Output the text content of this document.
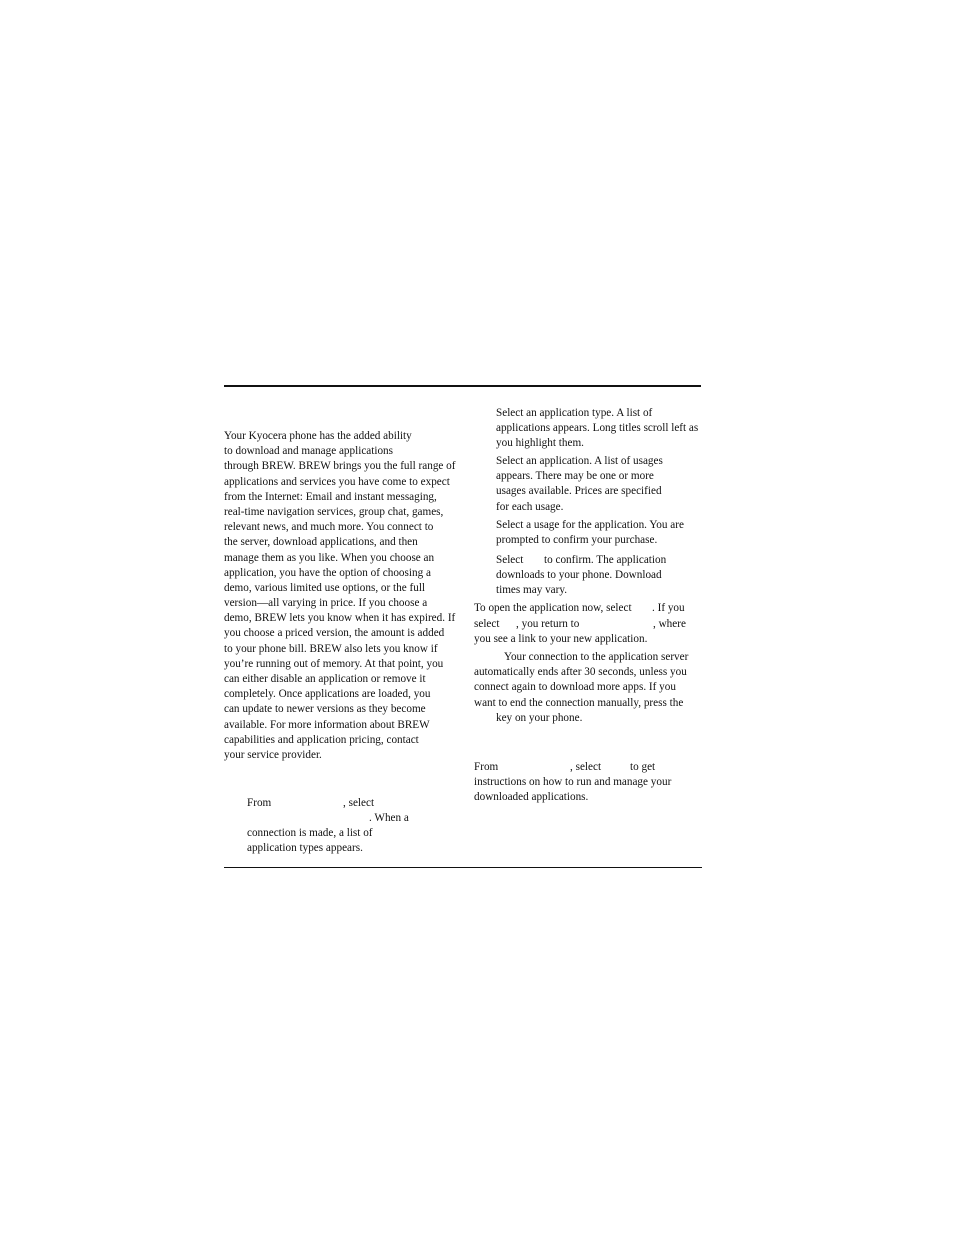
Your Kyocera phone has the added ability
to download and manage applications
through BREW. BREW brings you the full range of
applications and services you have come to expect
from the Internet: Email and instant messaging,
real-time navigation services, group chat, games,
relevant news, and much more. You connect to
the server, download applications, and then
manage them as you like. When you choose an
application, you have the option of choosing a
demo, various limited use options, or the full
version—all varying in price. If you choose a
demo, BREW lets you know when it has expired. If
you choose a priced version, the amount is added
to your phone bill. BREW also lets you know if
you’re running out of memory. At that point, you
can either disable an application or remove it
completely. Once applications are loaded, you
can update to newer versions as they become
available. For more information about BREW
capabilities and application pricing, contact
your service provider.
From	, select
. When a
connection is made, a list of
application types appears.
Select an application type. A list of
applications appears. Long titles scroll left as
you highlight them.
Select an application. A list of usages
appears. There may be one or more
usages available. Prices are specified
for each usage.
Select a usage for the application. You are
prompted to confirm your purchase.
Select to confirm. The application
downloads to your phone. Download
times may vary.
To open the application now, select . If you
select , you return to	, where
you see a link to your new application.
Your connection to the application server
automatically ends after 30 seconds, unless you
connect again to download more apps. If you
want to end the connection manually, press the
key on your phone.
From	, select	to get
instructions on how to run and manage your
downloaded applications.
